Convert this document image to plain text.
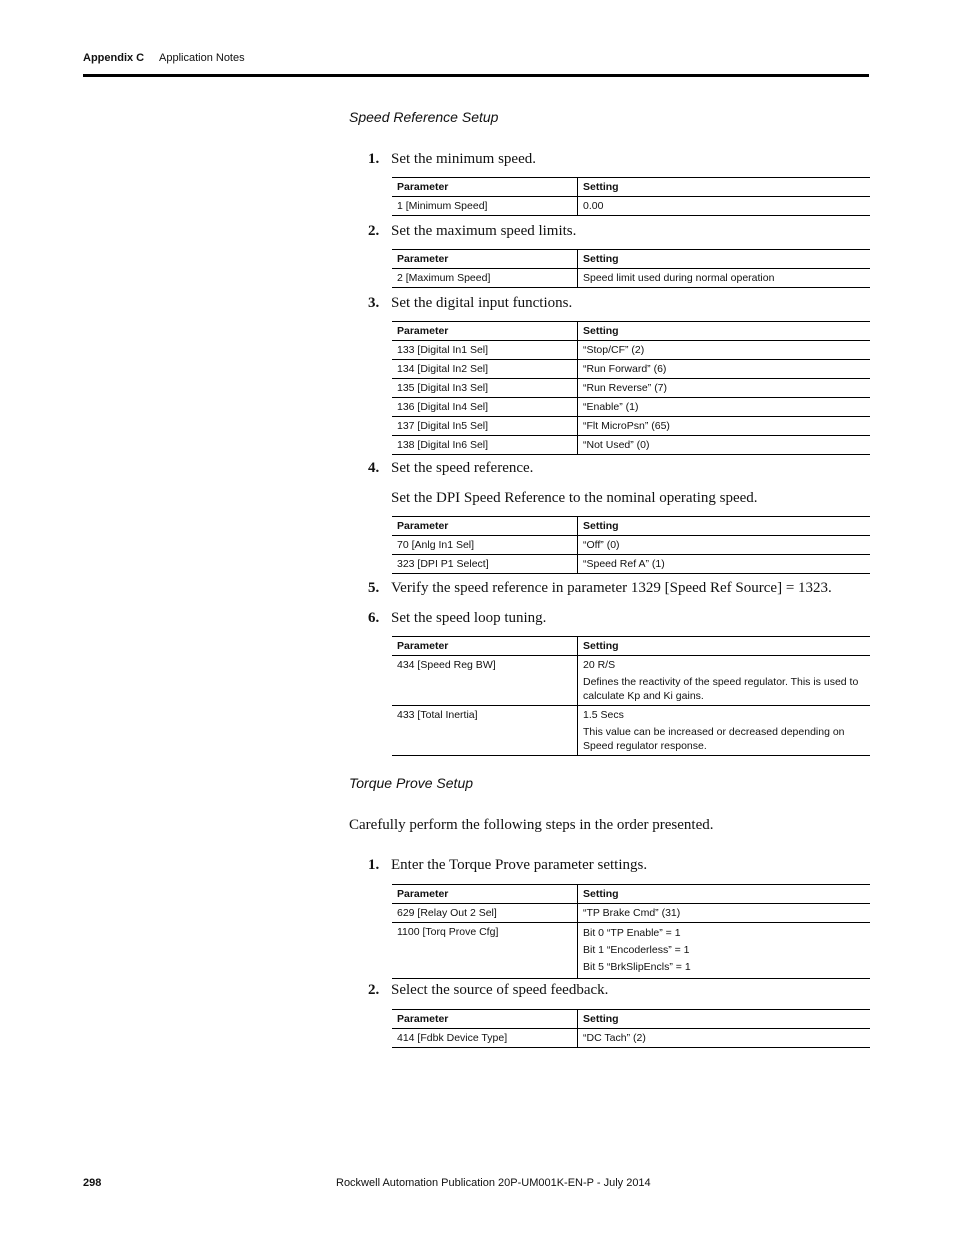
Appendix C Application Notes
Speed Reference Setup
1. Set the minimum speed.
Parameter	Setting
1 [Minimum Speed]	0.00
2. Set the maximum speed limits.
Parameter	Setting
2 [Maximum Speed]	Speed limit used during normal operation
3. Set the digital input functions.
Parameter	Setting
133 [Digital In1 Sel]	“Stop/CF” (2)
134 [Digital In2 Sel]	“Run Forward” (6)
135 [Digital In3 Sel]	“Run Reverse” (7)
136 [Digital In4 Sel]	“Enable” (1)
137 [Digital In5 Sel]	“Flt MicroPsn” (65)
138 [Digital In6 Sel]	“Not Used” (0)
4. Set the speed reference.
Set the DPI Speed Reference to the nominal operating speed.
Parameter	Setting
70 [Anlg In1 Sel]	“Off” (0)
323 [DPI P1 Select]	“Speed Ref A” (1)
5. Verify the speed reference in parameter 1329 [Speed Ref Source] = 1323.
6. Set the speed loop tuning.
Parameter	Setting
434 [Speed Reg BW]	20 R/S
Defines the reactivity of the speed regulator. This is used to calculate Kp and Ki gains.

433 [Total Inertia]	1.5 Secs
This value can be increased or decreased depending on Speed regulator response.
Torque Prove Setup
Carefully perform the following steps in the order presented.
1. Enter the Torque Prove parameter settings.
Parameter	Setting
629 [Relay Out 2 Sel]	“TP Brake Cmd” (31)
1100 [Torq Prove Cfg]	Bit 0 “TP Enable” = 1
Bit 1 “Encoderless” = 1
Bit 5 “BrkSlipEncls” = 1
2. Select the source of speed feedback.
Parameter	Setting
414 [Fdbk Device Type]	“DC Tach” (2)
298	Rockwell Automation Publication 20P-UM001K-EN-P - July 2014
